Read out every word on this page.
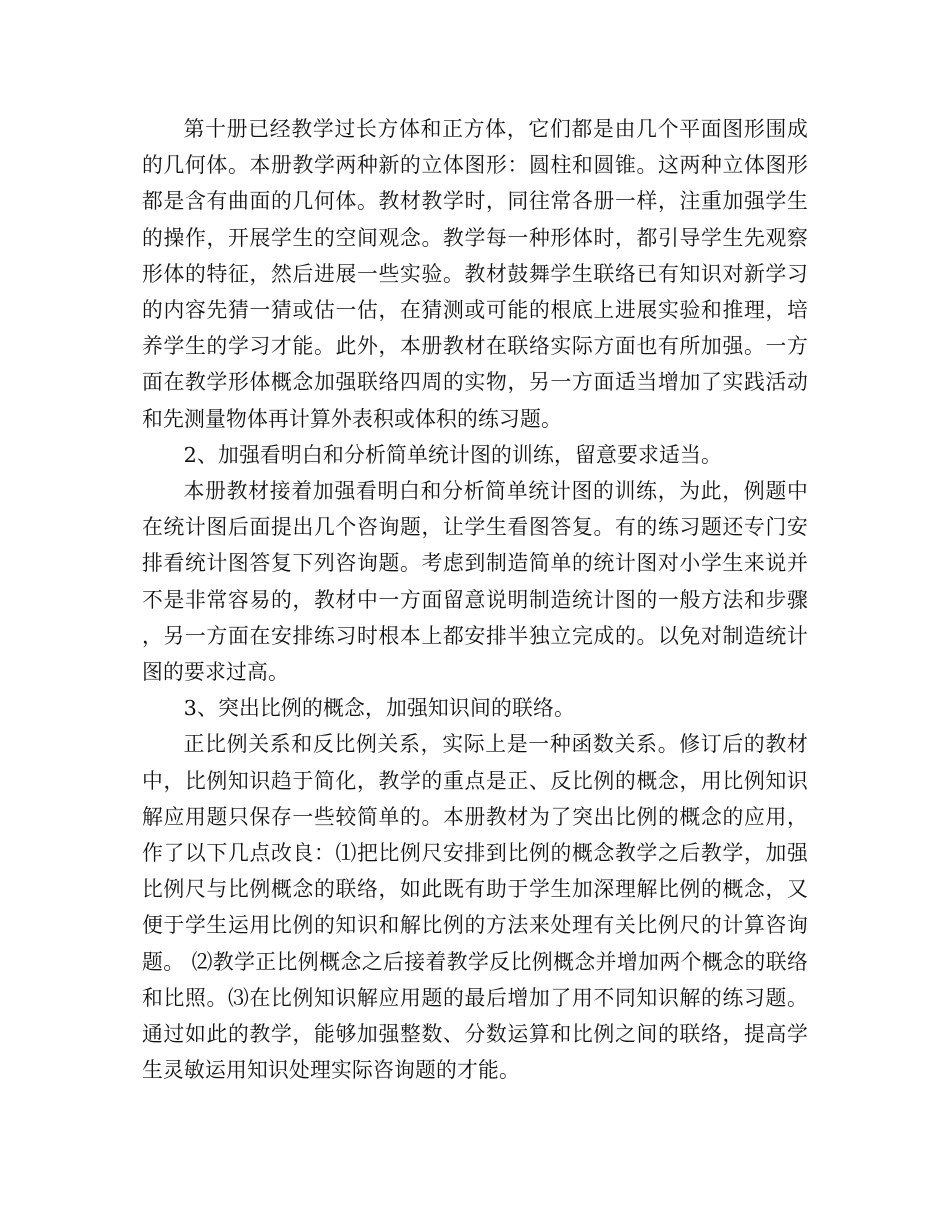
第十册已经教学过长方体和正方体，它们都是由几个平面图形围成的几何体。本册教学两种新的立体图形：圆柱和圆锥。这两种立体图形都是含有曲面的几何体。教材教学时，同往常各册一样，注重加强学生的操作，开展学生的空间观念。教学每一种形体时，都引导学生先观察形体的特征，然后进展一些实验。教材鼓舞学生联络已有知识对新学习的内容先猜一猜或估一估，在猜测或可能的根底上进展实验和推理，培养学生的学习才能。此外，本册教材在联络实际方面也有所加强。一方面在教学形体概念加强联络四周的实物，另一方面适当增加了实践活动和先测量物体再计算外表积或体积的练习题。

2、加强看明白和分析简单统计图的训练，留意要求适当。

本册教材接着加强看明白和分析简单统计图的训练，为此，例题中在统计图后面提出几个咨询题，让学生看图答复。有的练习题还专门安排看统计图答复下列咨询题。考虑到制造简单的统计图对小学生来说并不是非常容易的，教材中一方面留意说明制造统计图的一般方法和步骤，另一方面在安排练习时根本上都安排半独立完成的。以免对制造统计图的要求过高。

3、突出比例的概念，加强知识间的联络。

正比例关系和反比例关系，实际上是一种函数关系。修订后的教材中，比例知识趋于简化，教学的重点是正、反比例的概念，用比例知识解应用题只保存一些较简单的。本册教材为了突出比例的概念的应用，作了以下几点改良：⑴把比例尺安排到比例的概念教学之后教学，加强比例尺与比例概念的联络，如此既有助于学生加深理解比例的概念，又便于学生运用比例的知识和解比例的方法来处理有关比例尺的计算咨询题。 ⑵教学正比例概念之后接着教学反比例概念并增加两个概念的联络和比照。⑶在比例知识解应用题的最后增加了用不同知识解的练习题。通过如此的教学，能够加强整数、分数运算和比例之间的联络，提高学生灵敏运用知识处理实际咨询题的才能。
